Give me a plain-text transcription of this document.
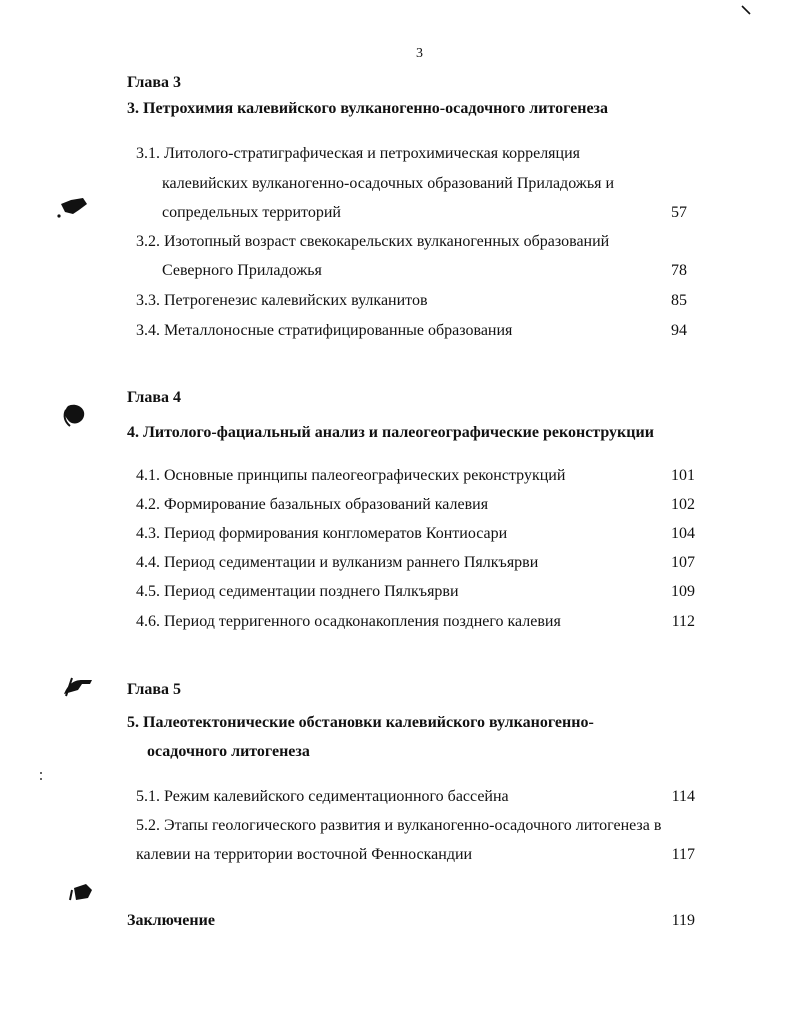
3
Глава 3
3. Петрохимия калевийского вулканогенно-осадочного литогенеза
3.1. Литолого-стратиграфическая и петрохимическая корреляция
калевийских вулканогенно-осадочных образований Приладожья и
сопредельных территорий	57
3.2. Изотопный возраст свекокарельских вулканогенных образований
Северного Приладожья	78
3.3. Петрогенезис калевийских вулканитов	85
3.4. Металлоносные стратифицированные образования	94
Глава 4
4. Литолого-фациальный анализ и палеогеографические реконструкции
4.1. Основные принципы палеогеографических реконструкций	101
4.2. Формирование базальных образований калевия	102
4.3. Период формирования конгломератов Контиосари	104
4.4. Период седиментации и вулканизм раннего Пялкъярви	107
4.5. Период седиментации позднего Пялкъярви	109
4.6. Период терригенного осадконакопления позднего калевия	112
Глава 5
5. Палеотектонические обстановки калевийского вулканогенно-
осадочного литогенеза
5.1. Режим калевийского седиментационного бассейна	114
5.2. Этапы геологического развития и вулканогенно-осадочного литогенеза в
калевии на территории восточной Фенноскандии	117
Заключение	119
